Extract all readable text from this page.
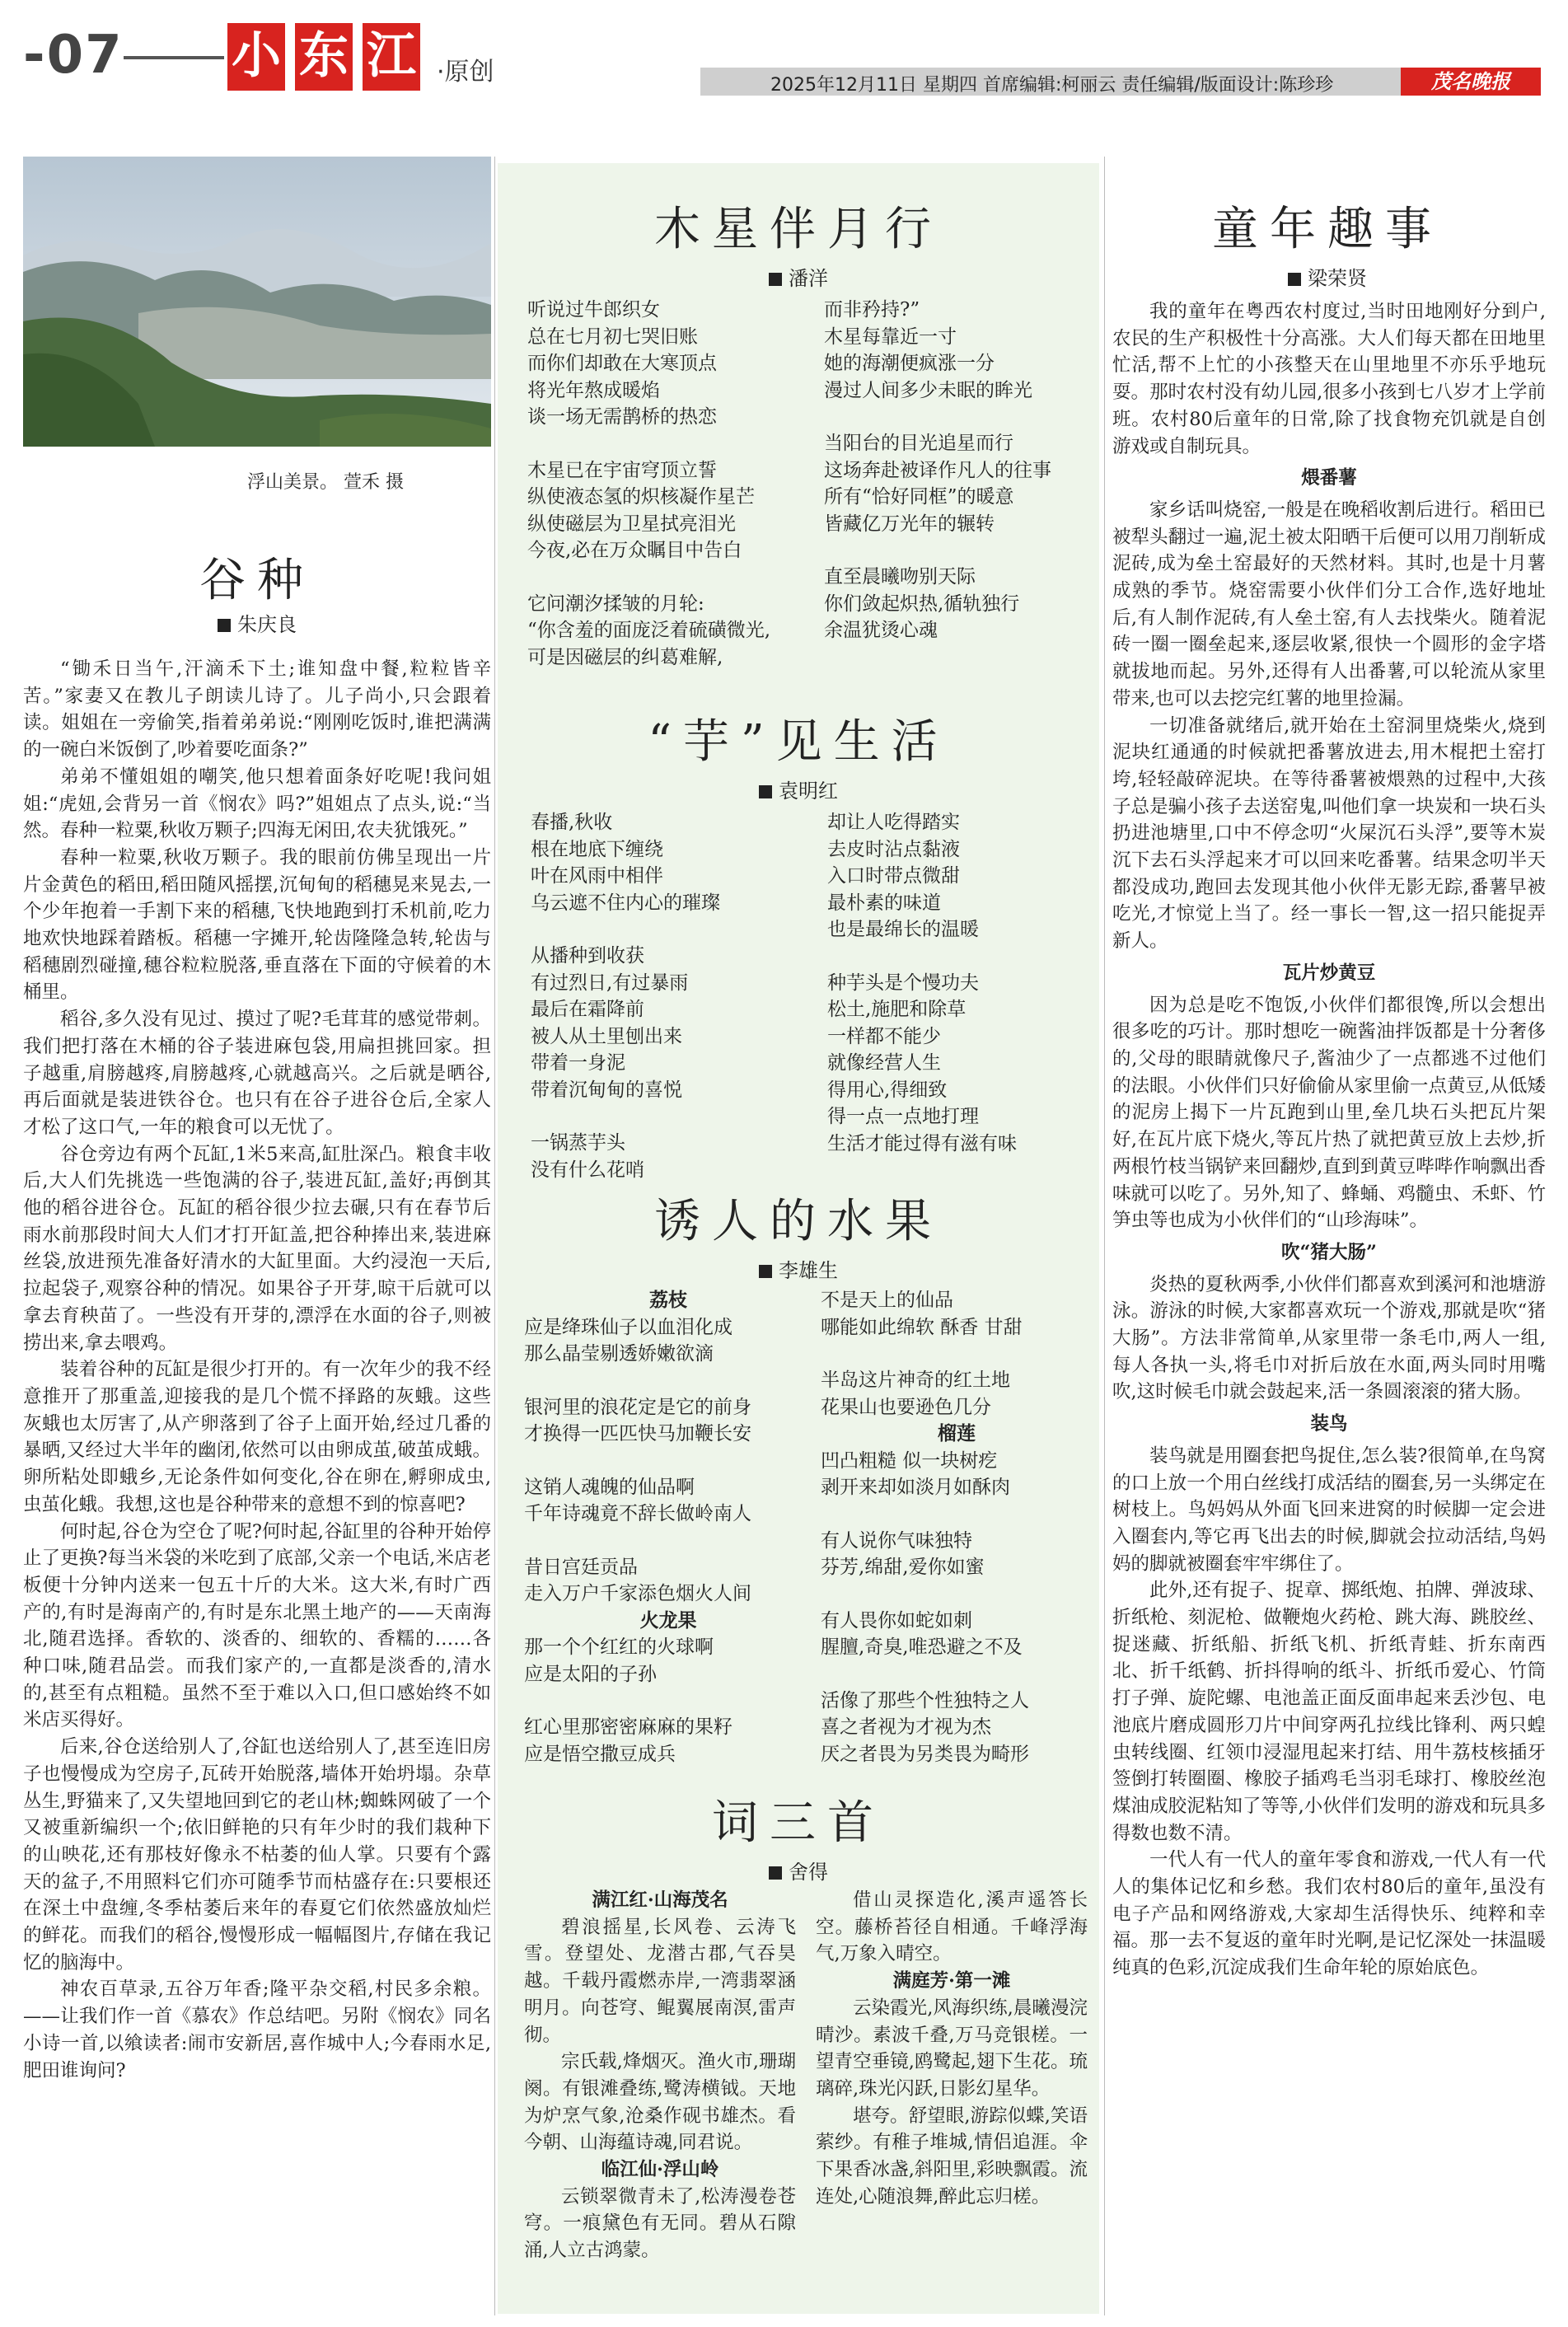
-07 小 东 江 ·原创	2025年12月11日 星期四 首席编辑:柯丽云 责任编辑/版面设计:陈珍珍	茂名晚报
浮山美景。 萱禾 摄
谷种
朱庆良

“锄禾日当午,汗滴禾下土;谁知盘中餐,粒粒皆辛苦。”家妻又在教儿子朗读儿诗了。儿子尚小,只会跟着读。姐姐在一旁偷笑,指着弟弟说:“刚刚吃饭时,谁把满满的一碗白米饭倒了,吵着要吃面条?”

弟弟不懂姐姐的嘲笑,他只想着面条好吃呢!我问姐姐:“虎妞,会背另一首《悯农》吗?”姐姐点了点头,说:“当然。春种一粒粟,秋收万颗子;四海无闲田,农夫犹饿死。”

春种一粒粟,秋收万颗子。我的眼前仿佛呈现出一片片金黄色的稻田,稻田随风摇摆,沉甸甸的稻穗晃来晃去,一个少年抱着一手割下来的稻穗,飞快地跑到打禾机前,吃力地欢快地踩着踏板。稻穗一字摊开,轮齿隆隆急转,轮齿与稻穗剧烈碰撞,穗谷粒粒脱落,垂直落在下面的守候着的木桶里。

稻谷,多久没有见过、摸过了呢?毛茸茸的感觉带刺。我们把打落在木桶的谷子装进麻包袋,用扁担挑回家。担子越重,肩膀越疼,肩膀越疼,心就越高兴。之后就是晒谷,再后面就是装进铁谷仓。也只有在谷子进谷仓后,全家人才松了这口气,一年的粮食可以无忧了。

谷仓旁边有两个瓦缸,1米5来高,缸肚深凸。粮食丰收后,大人们先挑选一些饱满的谷子,装进瓦缸,盖好;再倒其他的稻谷进谷仓。瓦缸的稻谷很少拉去碾,只有在春节后雨水前那段时间大人们才打开缸盖,把谷种捧出来,装进麻丝袋,放进预先准备好清水的大缸里面。大约浸泡一天后,拉起袋子,观察谷种的情况。如果谷子开芽,晾干后就可以拿去育秧苗了。一些没有开芽的,漂浮在水面的谷子,则被捞出来,拿去喂鸡。

装着谷种的瓦缸是很少打开的。有一次年少的我不经意推开了那重盖,迎接我的是几个慌不择路的灰蛾。这些灰蛾也太厉害了,从产卵落到了谷子上面开始,经过几番的暴晒,又经过大半年的幽闭,依然可以由卵成茧,破茧成蛾。卵所粘处即蛾乡,无论条件如何变化,谷在卵在,孵卵成虫,虫茧化蛾。我想,这也是谷种带来的意想不到的惊喜吧?

何时起,谷仓为空仓了呢?何时起,谷缸里的谷种开始停止了更换?每当米袋的米吃到了底部,父亲一个电话,米店老板便十分钟内送来一包五十斤的大米。这大米,有时广西产的,有时是海南产的,有时是东北黑土地产的——天南海北,随君选择。香软的、淡香的、细软的、香糯的……各种口味,随君品尝。而我们家产的,一直都是淡香的,清水的,甚至有点粗糙。虽然不至于难以入口,但口感始终不如米店买得好。

后来,谷仓送给别人了,谷缸也送给别人了,甚至连旧房子也慢慢成为空房子,瓦砖开始脱落,墙体开始坍塌。杂草丛生,野猫来了,又失望地回到它的老山林;蜘蛛网破了一个又被重新编织一个;依旧鲜艳的只有年少时的我们栽种下的山映花,还有那枝好像永不枯萎的仙人掌。只要有个露天的盆子,不用照料它们亦可随季节而枯盛存在:只要根还在深土中盘缠,冬季枯萎后来年的春夏它们依然盛放灿烂的鲜花。而我们的稻谷,慢慢形成一幅幅图片,存储在我记忆的脑海中。

神农百草录,五谷万年香;隆平杂交稻,村民多余粮。——让我们作一首《慕农》作总结吧。另附《悯农》同名小诗一首,以飨读者:闹市安新居,喜作城中人;今春雨水足,肥田谁询问?

木星伴月行
潘洋
听说过牛郎织女
总在七月初七哭旧账
而你们却敢在大寒顶点
将光年熬成暖焰
谈一场无需鹊桥的热恋
木星已在宇宙穹顶立誓
纵使液态氢的炽核凝作星芒
纵使磁层为卫星拭亮泪光
今夜,必在万众瞩目中告白
它问潮汐揉皱的月轮:
“你含羞的面庞泛着硫磺微光,
可是因磁层的纠葛难解,
而非矜持?”
木星每靠近一寸
她的海潮便疯涨一分
漫过人间多少未眠的眸光
当阳台的目光追星而行
这场奔赴被译作凡人的往事
所有“恰好同框”的暖意
皆藏亿万光年的辗转
直至晨曦吻别天际
你们敛起炽热,循轨独行
余温犹烫心魂
“芋”见生活
袁明红
春播,秋收
根在地底下缠绕
叶在风雨中相伴
乌云遮不住内心的璀璨
从播种到收获
有过烈日,有过暴雨
最后在霜降前
被人从土里刨出来
带着一身泥
带着沉甸甸的喜悦
一锅蒸芋头
没有什么花哨
却让人吃得踏实
去皮时沾点黏液
入口时带点微甜
最朴素的味道
也是最绵长的温暖
种芋头是个慢功夫
松土,施肥和除草
一样都不能少
就像经营人生
得用心,得细致
得一点一点地打理
生活才能过得有滋有味
诱人的水果
李雄生
荔枝
应是绛珠仙子以血泪化成
那么晶莹剔透娇嫩欲滴
银河里的浪花定是它的前身
才换得一匹匹快马加鞭长安
这销人魂魄的仙品啊
千年诗魂竟不辞长做岭南人
昔日宫廷贡品
走入万户千家添色烟火人间
火龙果
那一个个红红的火球啊
应是太阳的子孙
红心里那密密麻麻的果籽
应是悟空撒豆成兵
不是天上的仙品
哪能如此绵软 酥香 甘甜
半岛这片神奇的红土地
花果山也要逊色几分
榴莲
凹凸粗糙 似一块树疙
剥开来却如淡月如酥肉
有人说你气味独特
芬芳,绵甜,爱你如蜜
有人畏你如蛇如刺
腥膻,奇臭,唯恐避之不及
活像了那些个性独特之人
喜之者视为才视为杰
厌之者畏为另类畏为畸形
词三首
舍得

满江红·山海茂名

碧浪摇星,长风卷、云涛飞雪。登望处、龙潜古郡,气吞昊越。千载丹霞燃赤岸,一湾翡翠涵明月。向苍穹、鲲翼展南溟,雷声彻。

宗氏载,烽烟灭。渔火市,珊瑚阕。有银滩叠练,鹭涛横钺。天地为炉烹气象,沧桑作砚书雄杰。看今朝、山海蕴诗魂,同君说。

临江仙·浮山岭

云锁翠微青未了,松涛漫卷苍穹。一痕黛色有无同。碧从石隙涌,人立古鸿蒙。

借山灵探造化,溪声遥答长空。藤桥苔径自相通。千峰浮海气,万象入晴空。

满庭芳·第一滩

云染霞光,风海织练,晨曦漫浣晴沙。素波千叠,万马竞银槎。一望青空垂镜,鸥鹭起,翅下生花。琉璃碎,珠光闪跃,日影幻星华。

堪夸。舒望眼,游踪似蝶,笑语萦纱。有稚子堆城,情侣追涯。伞下果香冰盏,斜阳里,彩映飘霞。流连处,心随浪舞,醉此忘归槎。

童年趣事
梁荣贤

我的童年在粤西农村度过,当时田地刚好分到户,农民的生产积极性十分高涨。大人们每天都在田地里忙活,帮不上忙的小孩整天在山里地里不亦乐乎地玩耍。那时农村没有幼儿园,很多小孩到七八岁才上学前班。农村80后童年的日常,除了找食物充饥就是自创游戏或自制玩具。

煨番薯

家乡话叫烧窑,一般是在晚稻收割后进行。稻田已被犁头翻过一遍,泥土被太阳晒干后便可以用刀削斩成泥砖,成为垒土窑最好的天然材料。其时,也是十月薯成熟的季节。烧窑需要小伙伴们分工合作,选好地址后,有人制作泥砖,有人垒土窑,有人去找柴火。随着泥砖一圈一圈垒起来,逐层收紧,很快一个圆形的金字塔就拔地而起。另外,还得有人出番薯,可以轮流从家里带来,也可以去挖完红薯的地里捡漏。

一切准备就绪后,就开始在土窑洞里烧柴火,烧到泥块红通通的时候就把番薯放进去,用木棍把土窑打垮,轻轻敲碎泥块。在等待番薯被煨熟的过程中,大孩子总是骗小孩子去送窑鬼,叫他们拿一块炭和一块石头扔进池塘里,口中不停念叨“火屎沉石头浮”,要等木炭沉下去石头浮起来才可以回来吃番薯。结果念叨半天都没成功,跑回去发现其他小伙伴无影无踪,番薯早被吃光,才惊觉上当了。经一事长一智,这一招只能捉弄新人。

瓦片炒黄豆

因为总是吃不饱饭,小伙伴们都很馋,所以会想出很多吃的巧计。那时想吃一碗酱油拌饭都是十分奢侈的,父母的眼睛就像尺子,酱油少了一点都逃不过他们的法眼。小伙伴们只好偷偷从家里偷一点黄豆,从低矮的泥房上揭下一片瓦跑到山里,垒几块石头把瓦片架好,在瓦片底下烧火,等瓦片热了就把黄豆放上去炒,折两根竹枝当锅铲来回翻炒,直到到黄豆哔哔作响飘出香味就可以吃了。另外,知了、蜂蛹、鸡髓虫、禾虾、竹笋虫等也成为小伙伴们的“山珍海味”。

吹“猪大肠”

炎热的夏秋两季,小伙伴们都喜欢到溪河和池塘游泳。游泳的时候,大家都喜欢玩一个游戏,那就是吹“猪大肠”。方法非常简单,从家里带一条毛巾,两人一组,每人各执一头,将毛巾对折后放在水面,两头同时用嘴吹,这时候毛巾就会鼓起来,活一条圆滚滚的猪大肠。

装鸟

装鸟就是用圈套把鸟捉住,怎么装?很简单,在鸟窝的口上放一个用白丝线打成活结的圈套,另一头绑定在树枝上。鸟妈妈从外面飞回来进窝的时候脚一定会进入圈套内,等它再飞出去的时候,脚就会拉动活结,鸟妈妈的脚就被圈套牢牢绑住了。

此外,还有捉子、捉章、掷纸炮、拍牌、弹波球、折纸枪、刻泥枪、做鞭炮火药枪、跳大海、跳胶丝、捉迷藏、折纸船、折纸飞机、折纸青蛙、折东南西北、折千纸鹤、折抖得响的纸斗、折纸币爱心、竹筒打子弹、旋陀螺、电池盖正面反面串起来丢沙包、电池底片磨成圆形刀片中间穿两孔拉线比锋利、两只蝗虫转线圈、红领巾浸湿甩起来打结、用牛荔枝核插牙签倒打转圈圈、橡胶子插鸡毛当羽毛球打、橡胶丝泡煤油成胶泥粘知了等等,小伙伴们发明的游戏和玩具多得数也数不清。

一代人有一代人的童年零食和游戏,一代人有一代人的集体记忆和乡愁。我们农村80后的童年,虽没有电子产品和网络游戏,大家却生活得快乐、纯粹和幸福。那一去不复返的童年时光啊,是记忆深处一抹温暖纯真的色彩,沉淀成我们生命年轮的原始底色。
